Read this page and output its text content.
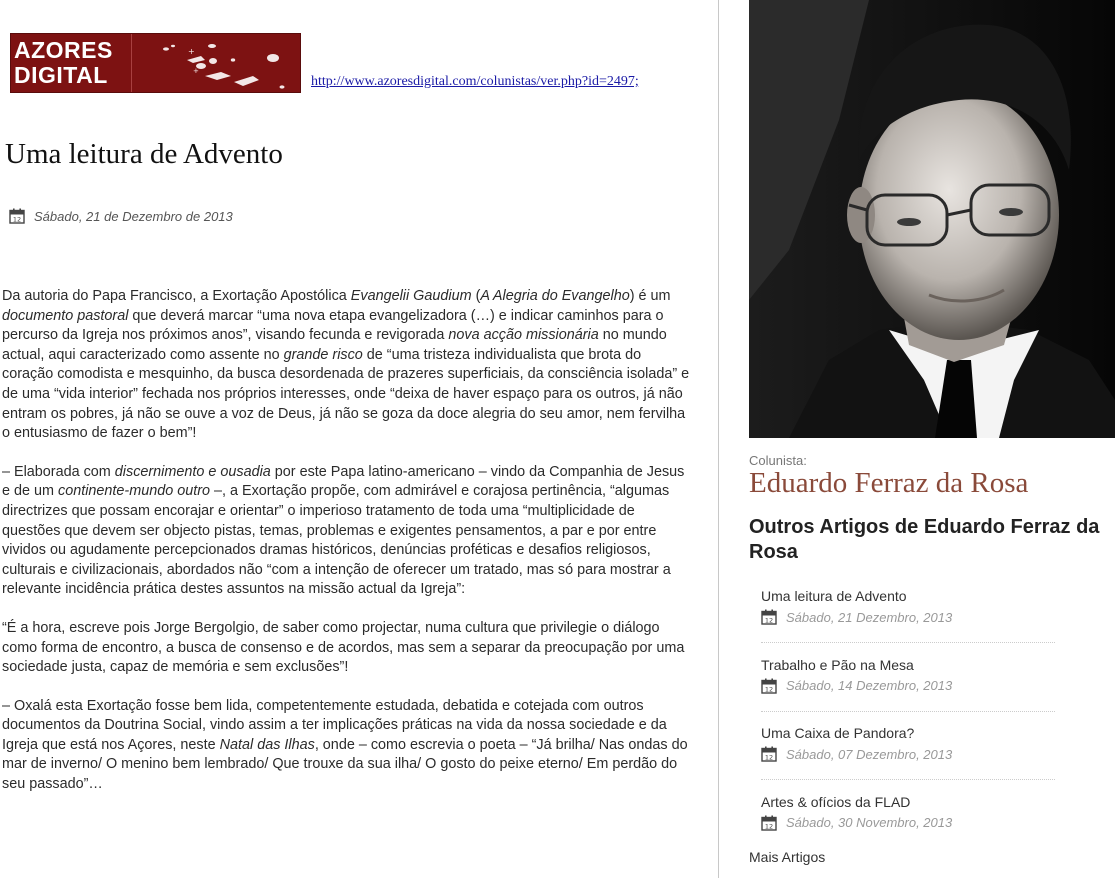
AZORES
DIGITAL
+
+
http://www.azoresdigital.com/colunistas/ver.php?id=2497;
Uma leitura de Advento
12 Sábado, 21 de Dezembro de 2013

Da autoria do Papa Francisco, a Exortação Apostólica Evangelii Gaudium (A Alegria do Evangelho) é um documento pastoral que deverá marcar “uma nova etapa evangelizadora (…) e indicar caminhos para o percurso da Igreja nos próximos anos”, visando fecunda e revigorada nova acção missionária no mundo actual, aqui caracterizado como assente no grande risco de “uma tristeza individualista que brota do coração comodista e mesquinho, da busca desordenada de prazeres superficiais, da consciência isolada” e de uma “vida interior” fechada nos próprios interesses, onde “deixa de haver espaço para os outros, já não entram os pobres, já não se ouve a voz de Deus, já não se goza da doce alegria do seu amor, nem fervilha o entusiasmo de fazer o bem”!

– Elaborada com discernimento e ousadia por este Papa latino-americano – vindo da Companhia de Jesus e de um continente-mundo outro –, a Exortação propõe, com admirável e corajosa pertinência, “algumas directrizes que possam encorajar e orientar” o imperioso tratamento de toda uma “multiplicidade de questões que devem ser objecto pistas, temas, problemas e exigentes pensamentos, a par e por entre vividos ou agudamente percepcionados dramas históricos, denúncias proféticas e desafios religiosos, culturais e civilizacionais, abordados não “com a intenção de oferecer um tratado, mas só para mostrar a relevante incidência prática destes assuntos na missão actual da Igreja”:

“É a hora, escreve pois Jorge Bergolgio, de saber como projectar, numa cultura que privilegie o diálogo como forma de encontro, a busca de consenso e de acordos, mas sem a separar da preocupação por uma sociedade justa, capaz de memória e sem exclusões”!

– Oxalá esta Exortação fosse bem lida, competentemente estudada, debatida e cotejada com outros documentos da Doutrina Social, vindo assim a ter implicações práticas na vida da nossa sociedade e da Igreja que está nos Açores, neste Natal das Ilhas, onde – como escrevia o poeta – “Já brilha/ Nas ondas do mar de inverno/ O menino bem lembrado/ Que trouxe da sua ilha/ O gosto do peixe eterno/ Em perdão do seu passado”…

Colunista:
Eduardo Ferraz da Rosa
Outros Artigos de Eduardo Ferraz da Rosa
Uma leitura de Advento
12 Sábado, 21 Dezembro, 2013
Trabalho e Pão na Mesa
12 Sábado, 14 Dezembro, 2013
Uma Caixa de Pandora?
12 Sábado, 07 Dezembro, 2013
Artes & ofícios da FLAD
12 Sábado, 30 Novembro, 2013
Mais Artigos
